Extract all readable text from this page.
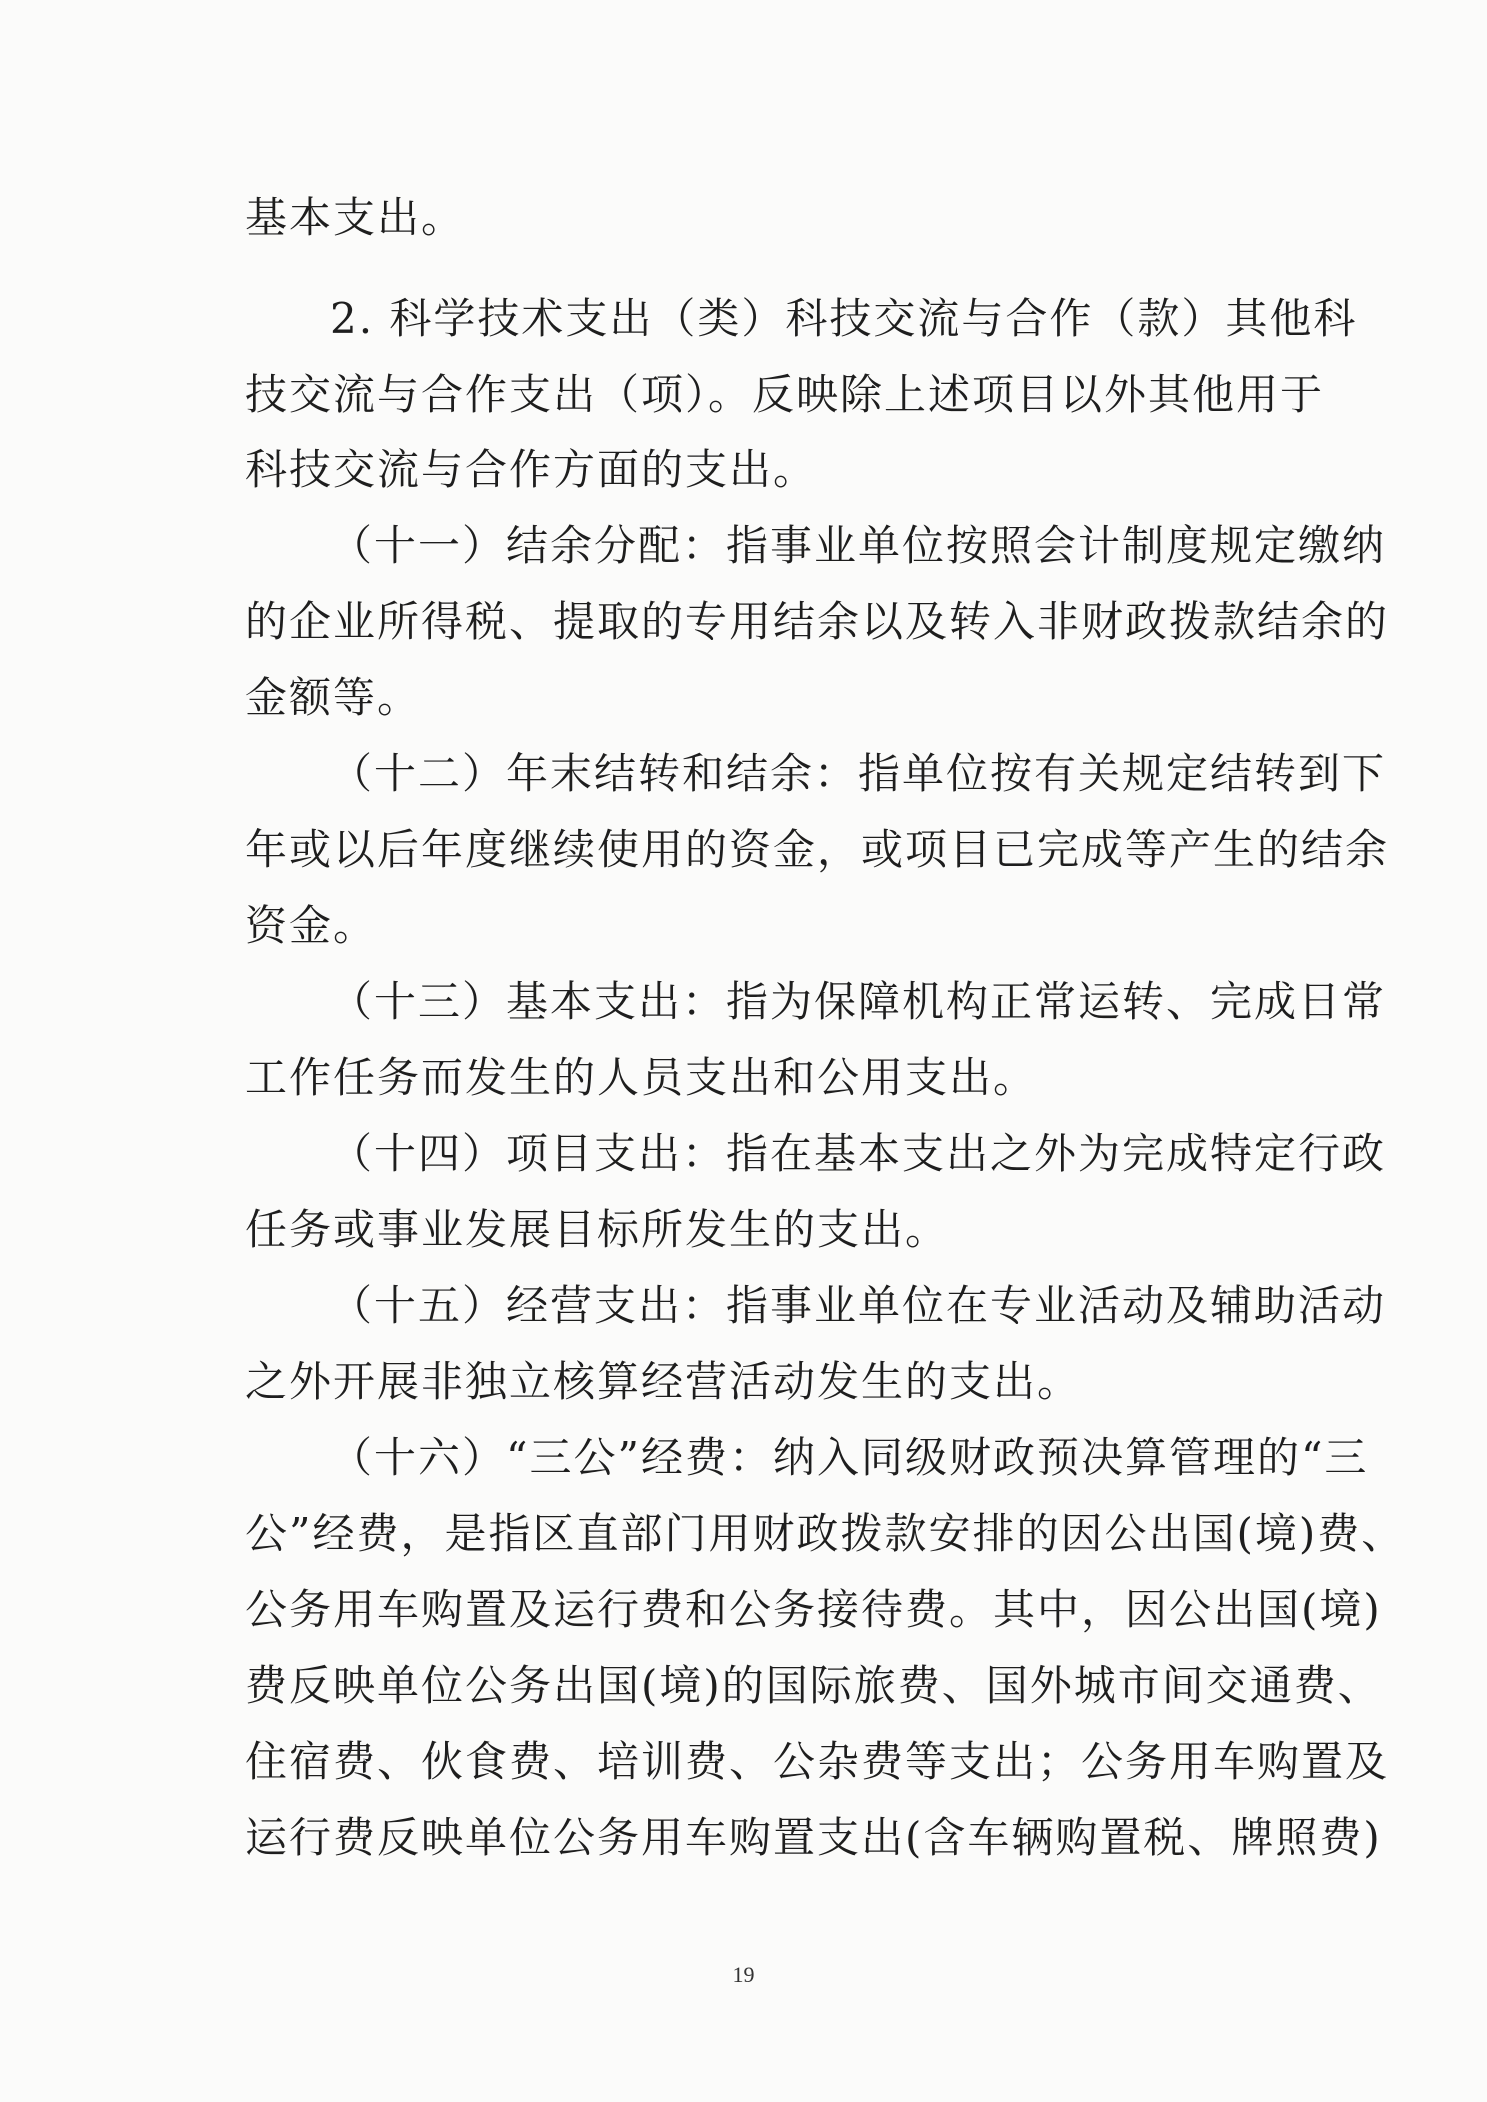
基本支出。
2. 科学技术支出（类）科技交流与合作（款）其他科
技交流与合作支出（项）。反映除上述项目以外其他用于
科技交流与合作方面的支出。
（十一）结余分配：指事业单位按照会计制度规定缴纳
的企业所得税、提取的专用结余以及转入非财政拨款结余的
金额等。
（十二）年末结转和结余：指单位按有关规定结转到下
年或以后年度继续使用的资金，或项目已完成等产生的结余
资金。
（十三）基本支出：指为保障机构正常运转、完成日常
工作任务而发生的人员支出和公用支出。
（十四）项目支出：指在基本支出之外为完成特定行政
任务或事业发展目标所发生的支出。
（十五）经营支出：指事业单位在专业活动及辅助活动
之外开展非独立核算经营活动发生的支出。
（十六）“三公”经费：纳入同级财政预决算管理的“三
公”经费，是指区直部门用财政拨款安排的因公出国(境)费、
公务用车购置及运行费和公务接待费。其中，因公出国(境)
费反映单位公务出国(境)的国际旅费、国外城市间交通费、
住宿费、伙食费、培训费、公杂费等支出；公务用车购置及
运行费反映单位公务用车购置支出(含车辆购置税、牌照费)
19
